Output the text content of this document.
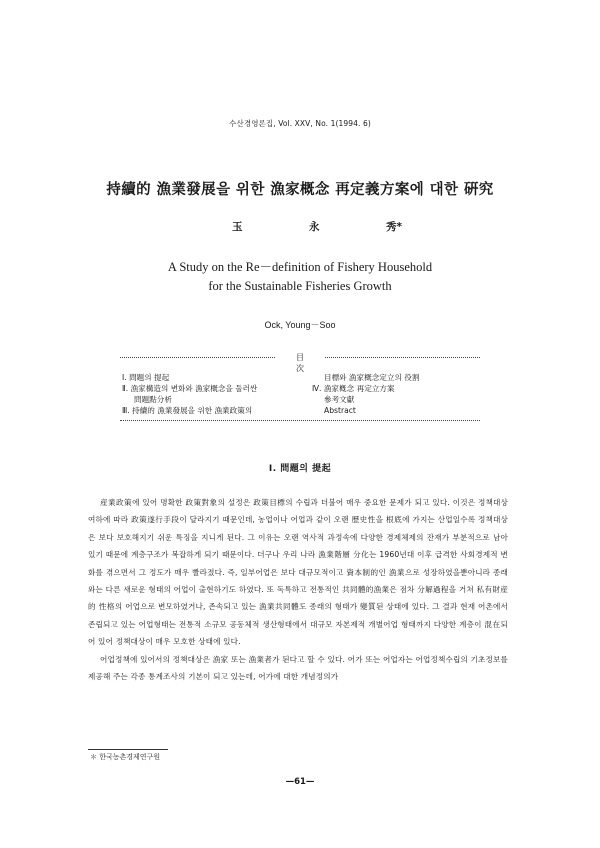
수산경영론집, Vol. ⅩⅩⅤ, No. 1(1994. 6)
持續的 漁業發展을 위한 漁家概念 再定義方案에 대한 硏究
玉	永	秀*
A Study on the Re－definition of Fishery Household
for the Sustainable Fisheries Growth
Ock, Young－Soo
目次
Ⅰ. 問題의 提起
Ⅱ. 漁家構造의 변화와 漁家概念을 둘러싼
問題點分析
Ⅲ. 持續的 漁業發展을 위한 漁業政策의
目標와 漁家概念定立의 役割
Ⅳ. 漁家槪念 再定立方案
參考文獻
Abstract
Ⅰ. 問題의 提起

産業政策에 있어 명확한 政策對象의 설정은 政策目標의 수립과 더불어 매우 중요한 문제가 되고 있다. 이것은 정책대상 여하에 따라 政策遂行手段이 달라지기 때문인데, 농업이나 어업과 같이 오랜 歷史性을 根底에 가지는 산업일수록 정책대상은 보다 보호해지기 쉬운 특징을 지니게 된다. 그 이유는 오랜 역사적 과정속에 다양한 경제체제의 잔재가 부분적으로 남아 있기 때문에 계층구조가 복잡하게 되기 때문이다. 더구나 우리 나라 漁業階層 分化는 1960년대 이후 급격한 사회경제적 변화를 겪으면서 그 정도가 매우 빨라졌다. 즉, 일부어업은 보다 대규모적이고 資本制的인 漁業으로 성장하였을뿐아니라 종래와는 다른 새로운 형태의 어업이 출현하기도 하였다. 또 독특하고 전통적인 共同體的漁業은 점차 分解過程을 거쳐 私有財産的 性格의 어업으로 변모하였거나, 존속되고 있는 漁業共同體도 종래의 형태가 變質된 상태에 있다. 그 결과 현재 어촌에서 존립되고 있는 어업형태는 전통적 소규모 공동체적 생산형태에서 대규모 자본제적 개별어업 형태까지 다양한 계층이 混在되어 있어 정책대상이 매우 모호한 상태에 있다.

어업정책에 있어서의 정책대상은 漁家 또는 漁業者가 된다고 할 수 있다. 어가 또는 어업자는 어업정책수립의 기초정보를 제공해 주는 각종 통계조사의 기본이 되고 있는데, 어가에 대한 개념정의가

＊ 한국농촌경제연구원
—61—
